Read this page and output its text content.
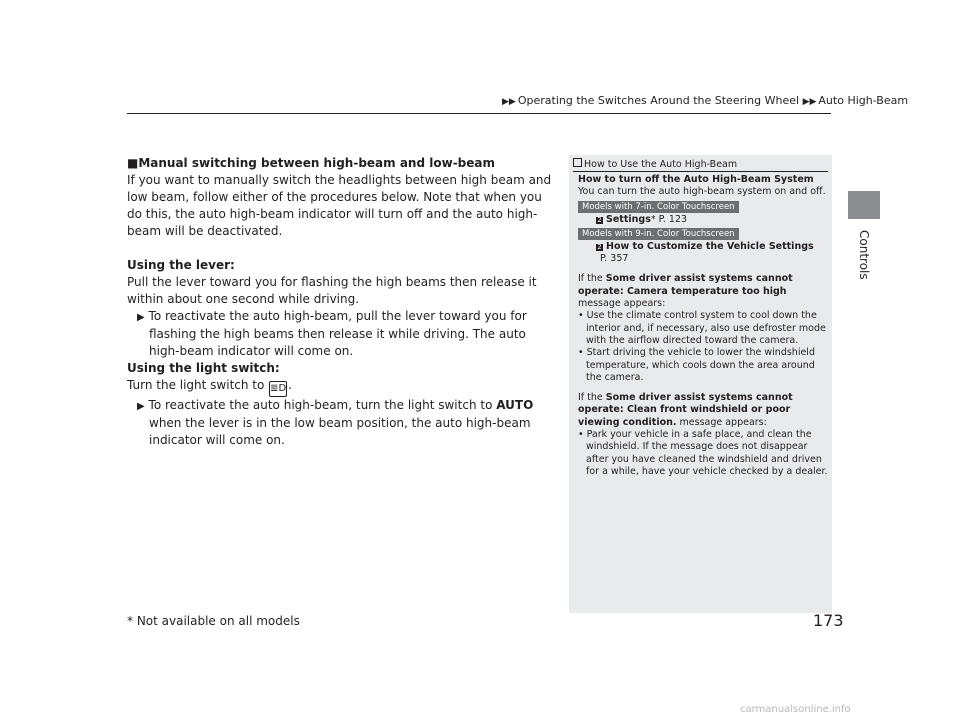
▶▶ Operating the Switches Around the Steering Wheel ▶▶ Auto High-Beam
Controls

■Manual switching between high-beam and low-beam

If you want to manually switch the headlights between high beam and low beam, follow either of the procedures below. Note that when you do this, the auto high-beam indicator will turn off and the auto high-beam will be deactivated.

Using the lever:

Pull the lever toward you for flashing the high beams then release it within about one second while driving.

▶ To reactivate the auto high-beam, pull the lever toward you for flashing the high beams then release it while driving. The auto high-beam indicator will come on.

Using the light switch:

Turn the light switch to ≣D .

▶ To reactivate the auto high-beam, turn the light switch to AUTO when the lever is in the low beam position, the auto high-beam indicator will come on.

How to Use the Auto High-Beam

How to turn off the Auto High-Beam System

You can turn the auto high-beam system on and off.

Models with 7-in. Color Touchscreen

2 Settings* P. 123

Models with 9-in. Color Touchscreen

2 How to Customize the Vehicle Settings

P. 357

If the Some driver assist systems cannot operate: Camera temperature too high message appears:

• Use the climate control system to cool down the interior and, if necessary, also use defroster mode with the airflow directed toward the camera.

• Start driving the vehicle to lower the windshield temperature, which cools down the area around the camera.

If the Some driver assist systems cannot operate: Clean front windshield or poor viewing condition. message appears:

• Park your vehicle in a safe place, and clean the windshield. If the message does not disappear after you have cleaned the windshield and driven for a while, have your vehicle checked by a dealer.

* Not available on all models	173
carmanualsonline.info
